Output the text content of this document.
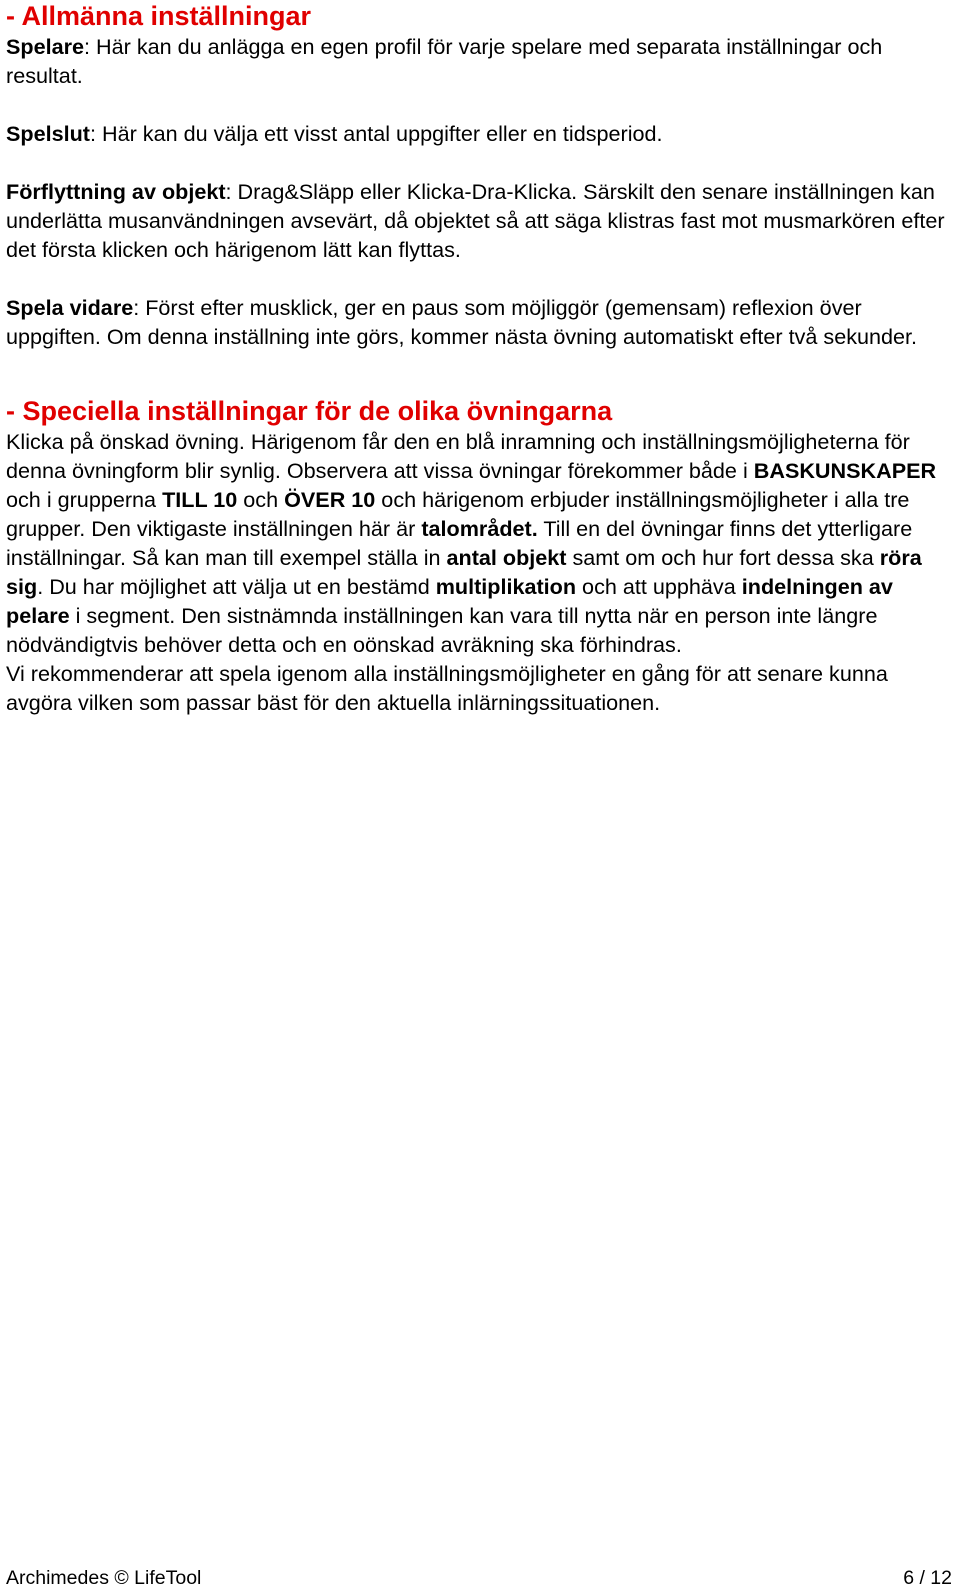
- Allmänna inställningar

Spelare: Här kan du anlägga en egen profil för varje spelare med separata inställningar och resultat.

Spelslut: Här kan du välja ett visst antal uppgifter eller en tidsperiod.

Förflyttning av objekt: Drag&Släpp eller Klicka-Dra-Klicka. Särskilt den senare inställningen kan underlätta musanvändningen avsevärt, då objektet så att säga klistras fast mot musmarkören efter det första klicken och härigenom lätt kan flyttas.

Spela vidare: Först efter musklick, ger en paus som möjliggör (gemensam) reflexion över uppgiften. Om denna inställning inte görs, kommer nästa övning automatiskt efter två sekunder.

- Speciella inställningar för de olika övningarna

Klicka på önskad övning. Härigenom får den en blå inramning och inställningsmöjligheterna för denna övningform blir synlig. Observera att vissa övningar förekommer både i BASKUNSKAPER och i grupperna TILL 10 och ÖVER 10 och härigenom erbjuder inställningsmöjligheter i alla tre grupper. Den viktigaste inställningen här är talområdet. Till en del övningar finns det ytterligare inställningar. Så kan man till exempel ställa in antal objekt samt om och hur fort dessa ska röra sig. Du har möjlighet att välja ut en bestämd multiplikation och att upphäva indelningen av pelare i segment. Den sistnämnda inställningen kan vara till nytta när en person inte längre nödvändigtvis behöver detta och en oönskad avräkning ska förhindras.

Vi rekommenderar att spela igenom alla inställningsmöjligheter en gång för att senare kunna avgöra vilken som passar bäst för den aktuella inlärningssituationen.

Archimedes © LifeTool	6 / 12
